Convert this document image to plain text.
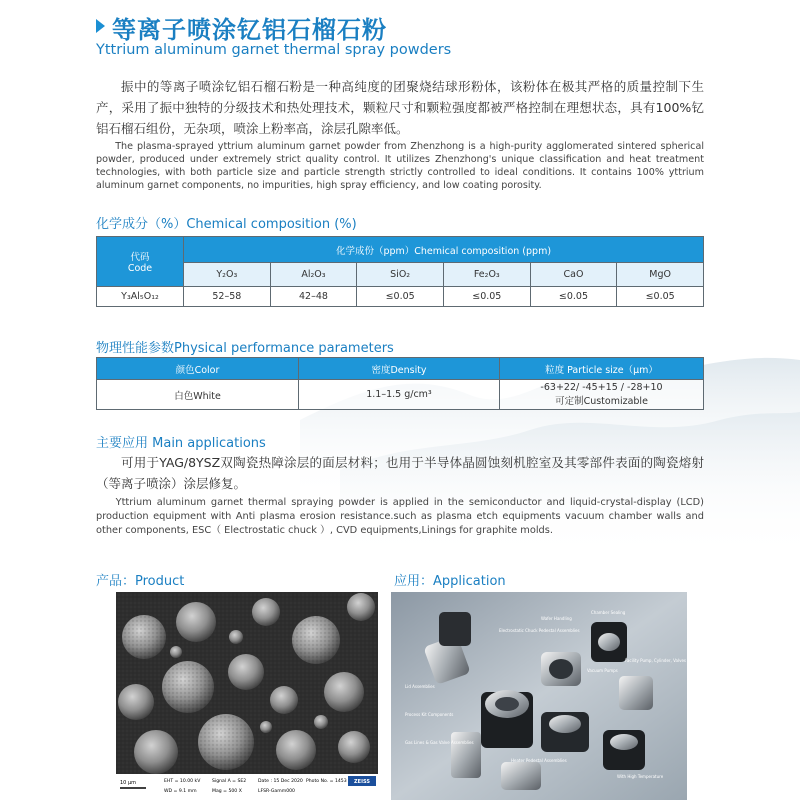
等离子喷涂钇铝石榴石粉
Yttrium aluminum garnet thermal spray powders

振中的等离子喷涂钇铝石榴石粉是一种高纯度的团聚烧结球形粉体，该粉体在极其严格的质量控制下生产，采用了振中独特的分级技术和热处理技术，颗粒尺寸和颗粒强度都被严格控制在理想状态，具有100%钇铝石榴石组份，无杂项，喷涂上粉率高，涂层孔隙率低。

The plasma-sprayed yttrium aluminum garnet powder from Zhenzhong is a high-purity agglomerated sintered spherical powder, produced under extremely strict quality control. It utilizes Zhenzhong's unique classification and heat treatment technologies, with both particle size and particle strength strictly controlled to ideal conditions. It contains 100% yttrium aluminum garnet components, no impurities, high spray efficiency, and low coating porosity.

化学成分（%）Chemical composition (%)
代码
Code	化学成份（ppm）Chemical composition (ppm)					
	Y₂O₃	Al₂O₃	SiO₂	Fe₂O₃	CaO	MgO
Y₃Al₅O₁₂	52–58	42–48	≤0.05	≤0.05	≤0.05	≤0.05
物理性能参数Physical performance parameters
颜色Color	密度Density	粒度 Particle size（μm）
白色White	1.1–1.5 g/cm³	-63+22/ -45+15 / -28+10
可定制Customizable
主要应用 Main applications

可用于YAG/8YSZ双陶瓷热障涂层的面层材料；也用于半导体晶圆蚀刻机腔室及其零部件表面的陶瓷熔射（等离子喷涂）涂层修复。

Yttrium aluminum garnet thermal spraying powder is applied in the semiconductor and liquid-crystal-display (LCD) production equipment with Anti plasma erosion resistance.such as plasma etch equipments vacuum chamber walls and other components, ESC（ Electrostatic chuck ）, CVD equipments,Linings for graphite molds.

产品：Product	应用：Application
10 μm	EHT = 10.00 kV
WD = 9.1 mm
Signal A = SE2
Mag = 500 X
Date : 15 Dec 2020
LFSR-Gamm000
Photo No. = 1453 ZEISS
Electrostatic Chuck Pedestal Assemblies
Wafer Handling
Chamber Sealing
Lid Assemblies
Vacuum Pumps
Facility Pump, Cylinder, Valves
Process Kit Components
Gas Lines & Gas Valve Assemblies
Heater Pedestal Assemblies
With High Temperature
